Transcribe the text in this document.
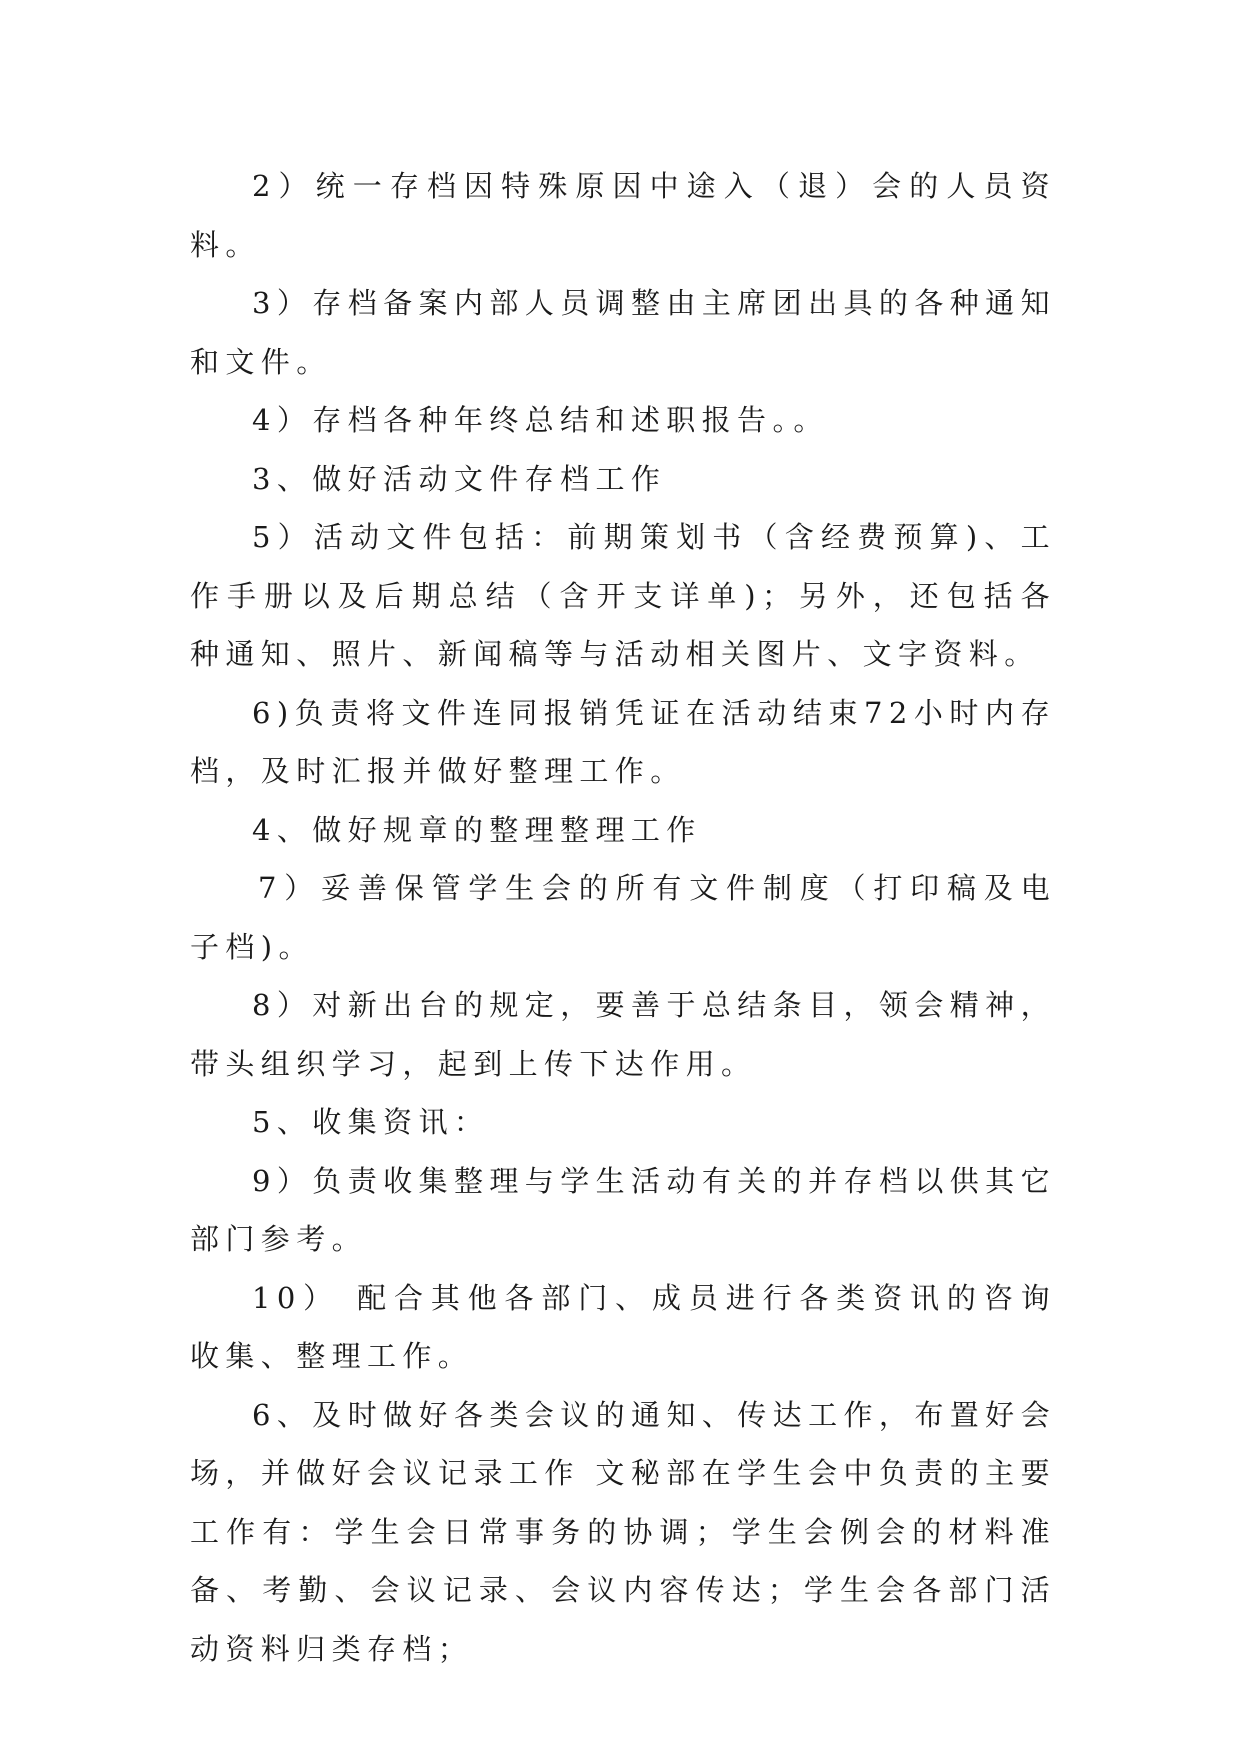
2）统一存档因特殊原因中途入（退）会的人员资料。

3）存档备案内部人员调整由主席团出具的各种通知和文件。

4）存档各种年终总结和述职报告。。

3、做好活动文件存档工作

5）活动文件包括：前期策划书（含经费预算)、工作手册以及后期总结（含开支详单)；另外，还包括各种通知、照片、新闻稿等与活动相关图片、文字资料。

6)负责将文件连同报销凭证在活动结束72小时内存档，及时汇报并做好整理工作。

4、做好规章的整理整理工作

7）妥善保管学生会的所有文件制度（打印稿及电子档)。

8）对新出台的规定，要善于总结条目，领会精神，带头组织学习，起到上传下达作用。

5、收集资讯：

9）负责收集整理与学生活动有关的并存档以供其它部门参考。

10） 配合其他各部门、成员进行各类资讯的咨询收集、整理工作。

6、及时做好各类会议的通知、传达工作，布置好会场，并做好会议记录工作 文秘部在学生会中负责的主要工作有：学生会日常事务的协调；学生会例会的材料准备、考勤、会议记录、会议内容传达；学生会各部门活动资料归类存档；
